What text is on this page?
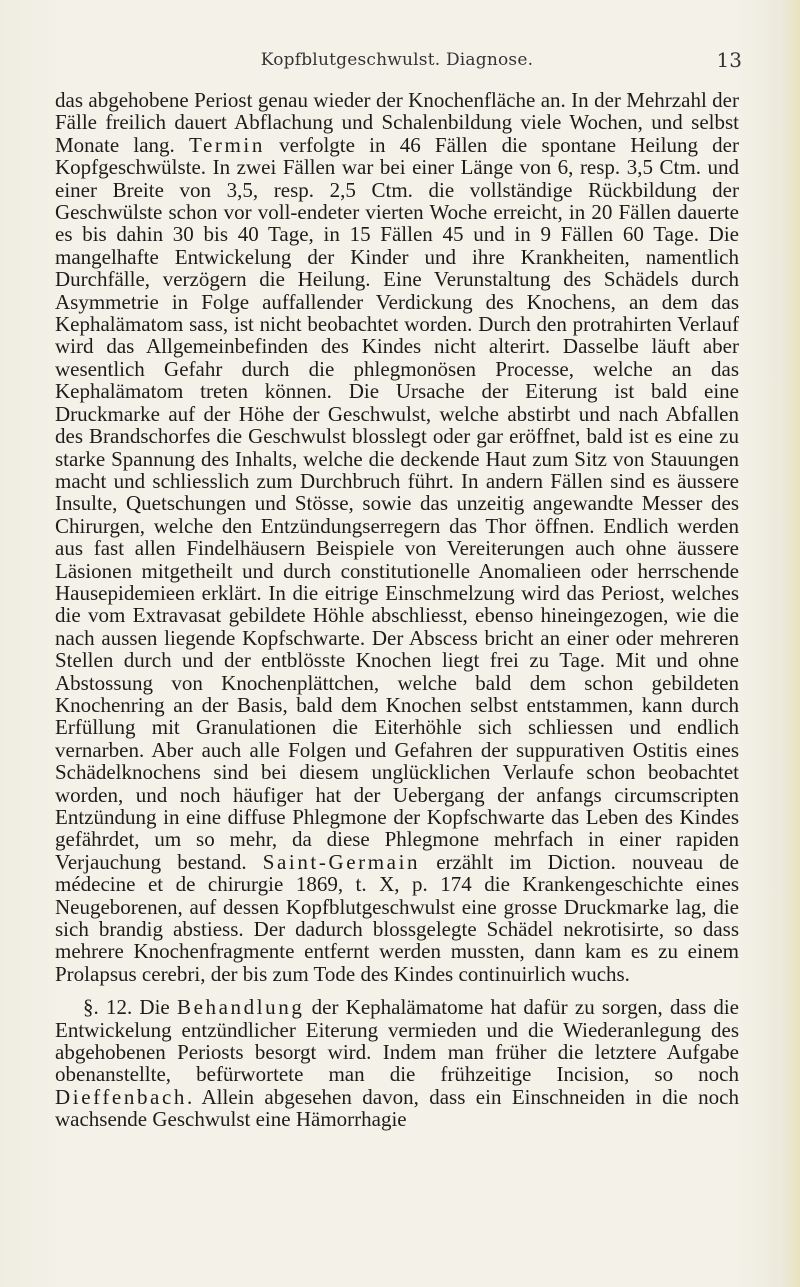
Kopfblutgeschwulst. Diagnose.	13

das abgehobene Periost genau wieder der Knochenfläche an. In der Mehrzahl der Fälle freilich dauert Abflachung und Schalenbildung viele Wochen, und selbst Monate lang. Termin verfolgte in 46 Fällen die spontane Heilung der Kopfgeschwülste. In zwei Fällen war bei einer Länge von 6, resp. 3,5 Ctm. und einer Breite von 3,5, resp. 2,5 Ctm. die vollständige Rückbildung der Geschwülste schon vor voll-endeter vierten Woche erreicht, in 20 Fällen dauerte es bis dahin 30 bis 40 Tage, in 15 Fällen 45 und in 9 Fällen 60 Tage. Die mangelhafte Entwickelung der Kinder und ihre Krankheiten, namentlich Durchfälle, verzögern die Heilung. Eine Verunstaltung des Schädels durch Asymmetrie in Folge auffallender Verdickung des Knochens, an dem das Kephalämatom sass, ist nicht beobachtet worden. Durch den protrahirten Verlauf wird das Allgemeinbefinden des Kindes nicht alterirt. Dasselbe läuft aber wesentlich Gefahr durch die phlegmonösen Processe, welche an das Kephalämatom treten können. Die Ursache der Eiterung ist bald eine Druckmarke auf der Höhe der Geschwulst, welche abstirbt und nach Abfallen des Brandschorfes die Geschwulst blosslegt oder gar eröffnet, bald ist es eine zu starke Spannung des Inhalts, welche die deckende Haut zum Sitz von Stauungen macht und schliesslich zum Durchbruch führt. In andern Fällen sind es äussere Insulte, Quetschungen und Stösse, sowie das unzeitig angewandte Messer des Chirurgen, welche den Entzündungserregern das Thor öffnen. Endlich werden aus fast allen Findelhäusern Beispiele von Vereiterungen auch ohne äussere Läsionen mitgetheilt und durch constitutionelle Anomalieen oder herrschende Hausepidemieen erklärt. In die eitrige Einschmelzung wird das Periost, welches die vom Extravasat gebildete Höhle abschliesst, ebenso hineingezogen, wie die nach aussen liegende Kopfschwarte. Der Abscess bricht an einer oder mehreren Stellen durch und der entblösste Knochen liegt frei zu Tage. Mit und ohne Abstossung von Knochenplättchen, welche bald dem schon gebildeten Knochenring an der Basis, bald dem Knochen selbst entstammen, kann durch Erfüllung mit Granulationen die Eiterhöhle sich schliessen und endlich vernarben. Aber auch alle Folgen und Gefahren der suppurativen Ostitis eines Schädelknochens sind bei diesem unglücklichen Verlaufe schon beobachtet worden, und noch häufiger hat der Uebergang der anfangs circumscripten Entzündung in eine diffuse Phlegmone der Kopfschwarte das Leben des Kindes gefährdet, um so mehr, da diese Phlegmone mehrfach in einer rapiden Verjauchung bestand. Saint-Germain erzählt im Diction. nouveau de médecine et de chirurgie 1869, t. X, p. 174 die Krankengeschichte eines Neugeborenen, auf dessen Kopfblutgeschwulst eine grosse Druckmarke lag, die sich brandig abstiess. Der dadurch blossgelegte Schädel nekrotisirte, so dass mehrere Knochenfragmente entfernt werden mussten, dann kam es zu einem Prolapsus cerebri, der bis zum Tode des Kindes continuirlich wuchs.

§. 12. Die Behandlung der Kephalämatome hat dafür zu sorgen, dass die Entwickelung entzündlicher Eiterung vermieden und die Wiederanlegung des abgehobenen Periosts besorgt wird. Indem man früher die letztere Aufgabe obenanstellte, befürwortete man die frühzeitige Incision, so noch Dieffenbach. Allein abgesehen davon, dass ein Einschneiden in die noch wachsende Geschwulst eine Hämorrhagie
